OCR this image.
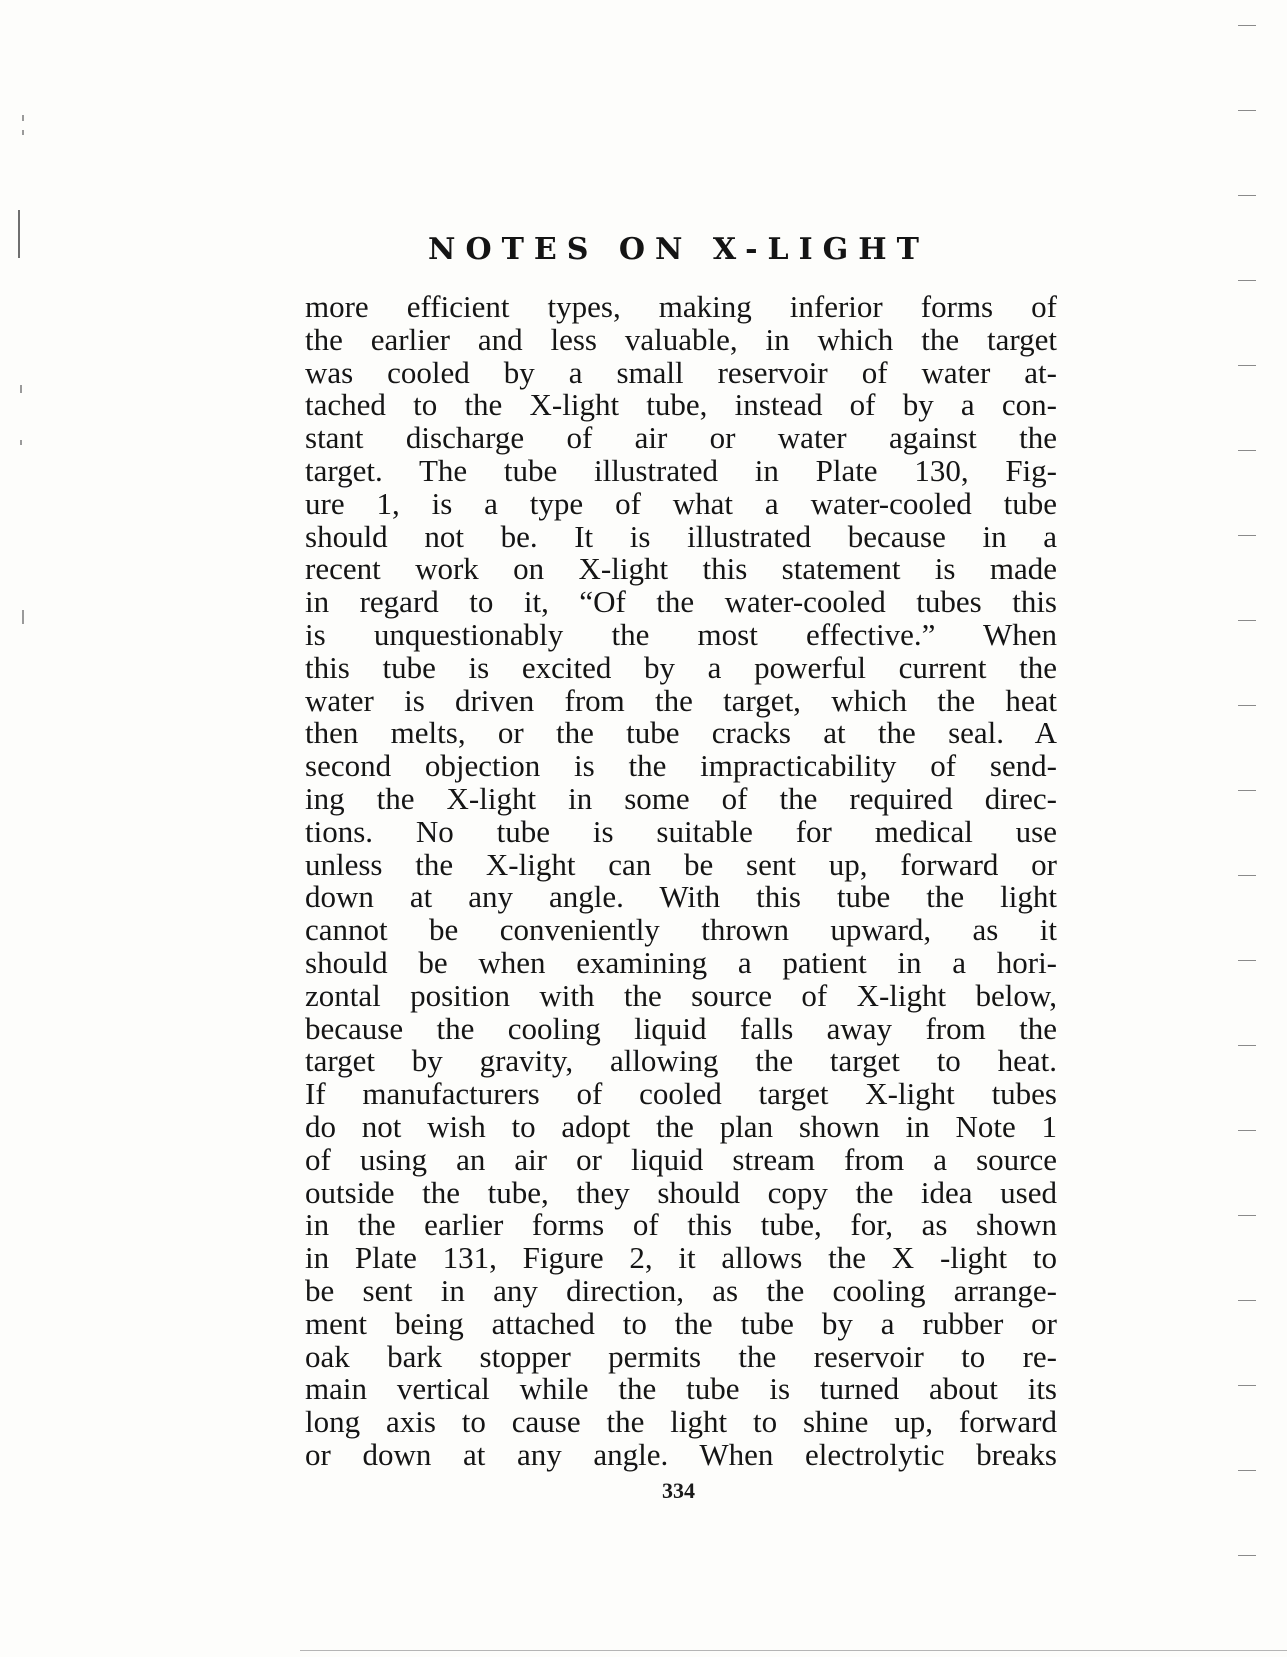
NOTES ON X-LIGHT
more efficient types, making inferior forms of
the earlier and less valuable, in which the target
was cooled by a small reservoir of water at-
tached to the X-light tube, instead of by a con-
stant discharge of air or water against the
target. The tube illustrated in Plate 130, Fig-
ure 1, is a type of what a water-cooled tube
should not be. It is illustrated because in a
recent work on X-light this statement is made
in regard to it, “Of the water-cooled tubes this
is unquestionably the most effective.” When
this tube is excited by a powerful current the
water is driven from the target, which the heat
then melts, or the tube cracks at the seal. A
second objection is the impracticability of send-
ing the X-light in some of the required direc-
tions. No tube is suitable for medical use
unless the X-light can be sent up, forward or
down at any angle. With this tube the light
cannot be conveniently thrown upward, as it
should be when examining a patient in a hori-
zontal position with the source of X-light below,
because the cooling liquid falls away from the
target by gravity, allowing the target to heat.
If manufacturers of cooled target X-light tubes
do not wish to adopt the plan shown in Note 1
of using an air or liquid stream from a source
outside the tube, they should copy the idea used
in the earlier forms of this tube, for, as shown
in Plate 131, Figure 2, it allows the X -light to
be sent in any direction, as the cooling arrange-
ment being attached to the tube by a rubber or
oak bark stopper permits the reservoir to re-
main vertical while the tube is turned about its
long axis to cause the light to shine up, forward
or down at any angle. When electrolytic breaks
334
